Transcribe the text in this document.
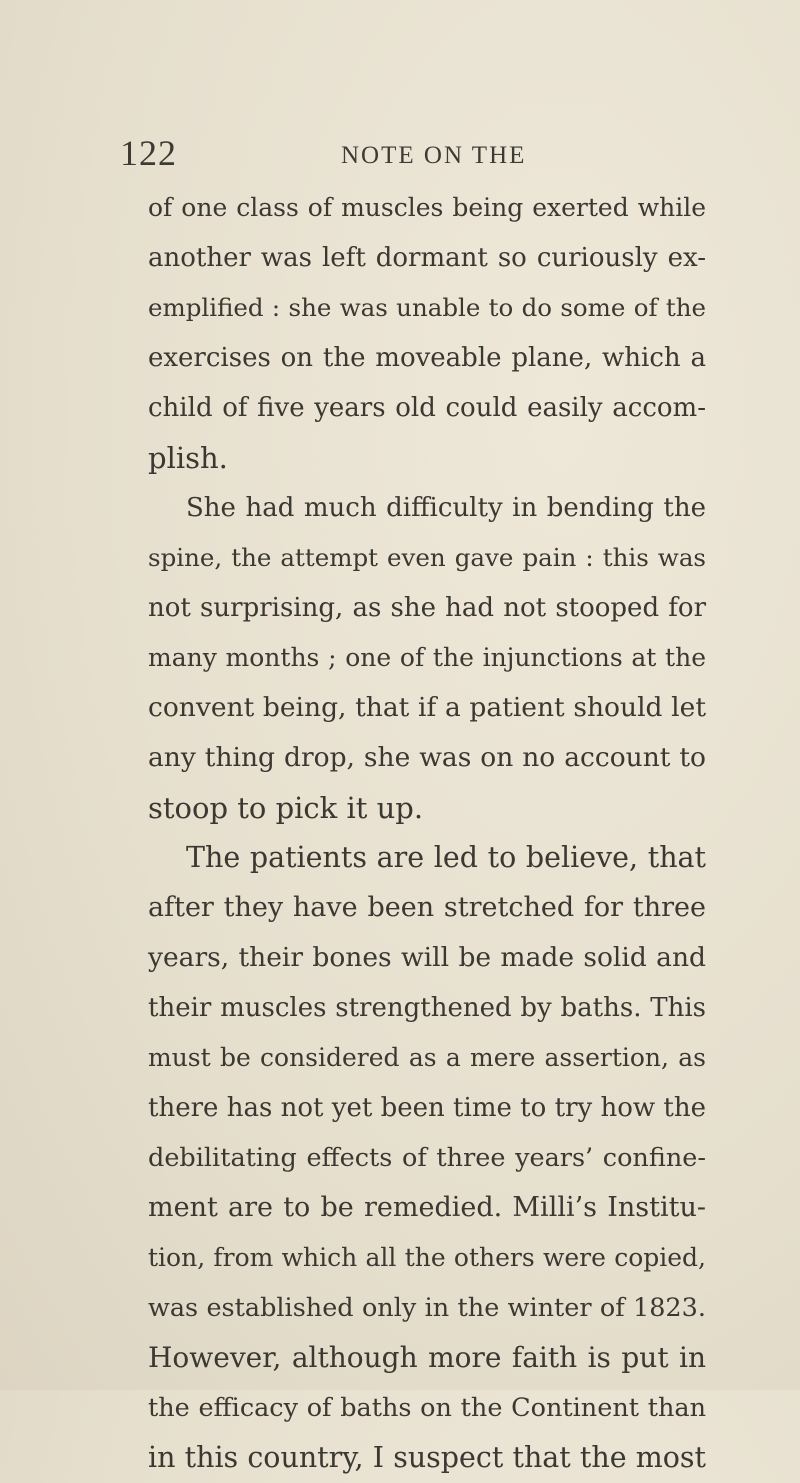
122	NOTE ON THE
of one class of muscles being exerted while
another was left dormant so curiously ex-
emplified : she was unable to do some of the
exercises on the moveable plane, which a
child of five years old could easily accom-
plish.
She had much difficulty in bending the
spine, the attempt even gave pain : this was
not surprising, as she had not stooped for
many months ; one of the injunctions at the
convent being, that if a patient should let
any thing drop, she was on no account to
stoop to pick it up.
The patients are led to believe, that
after they have been stretched for three
years, their bones will be made solid and
their muscles strengthened by baths. This
must be considered as a mere assertion, as
there has not yet been time to try how the
debilitating effects of three years’ confine-
ment are to be remedied. Milli’s Institu-
tion, from which all the others were copied,
was established only in the winter of 1823.
However, although more faith is put in
the efficacy of baths on the Continent than
in this country, I suspect that the most
